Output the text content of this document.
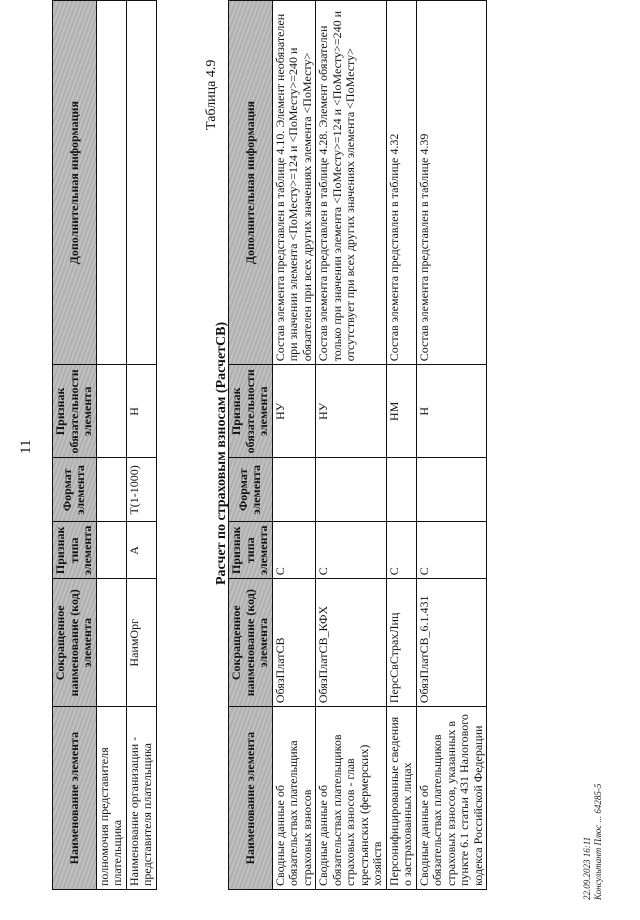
11
Наименование элемента	Сокращенное наименование (код) элемента	Признак типа элемента	Формат элемента	Признак обязательности элемента	Дополнительная информация
полномочия представителя плательщика					
Наименование организации - представителя плательщика	НаимОрг	А	T(1-1000)	Н	
Таблица 4.9
Расчет по страховым взносам (РасчетСВ)
Наименование элемента	Сокращенное наименование (код) элемента	Признак типа элемента	Формат элемента	Признак обязательности элемента	Дополнительная информация
Сводные данные об обязательствах плательщика страховых взносов	ОбязПлатСВ	С		НУ	Состав элемента представлен в таблице 4.10. Элемент необязателен при значении элемента <ПоМесту>=124 и <ПоМесту>=240 и обязателен при всех других значениях элемента <ПоМесту>
Сводные данные об обязательствах плательщиков страховых взносов - глав крестьянских (фермерских) хозяйств	ОбязПлатСВ_КФХ	С		НУ	Состав элемента представлен в таблице 4.28. Элемент обязателен только при значении элемента <ПоМесту>=124 и <ПоМесту>=240 и отсутствует при всех других значениях элемента <ПоМесту>
Персонифицированные сведения о застрахованных лицах	ПерсСвСтрахЛиц	С		НМ	Состав элемента представлен в таблице 4.32
Сводные данные об обязательствах плательщиков страховых взносов, указанных в пункте 6.1 статьи 431 Налогового кодекса Российской Федерации	ОбязПлатСВ_6.1.431	С		Н	Состав элемента представлен в таблице 4.39
22.09.2023 16:11 Консультант Плюс ... 64285-5
